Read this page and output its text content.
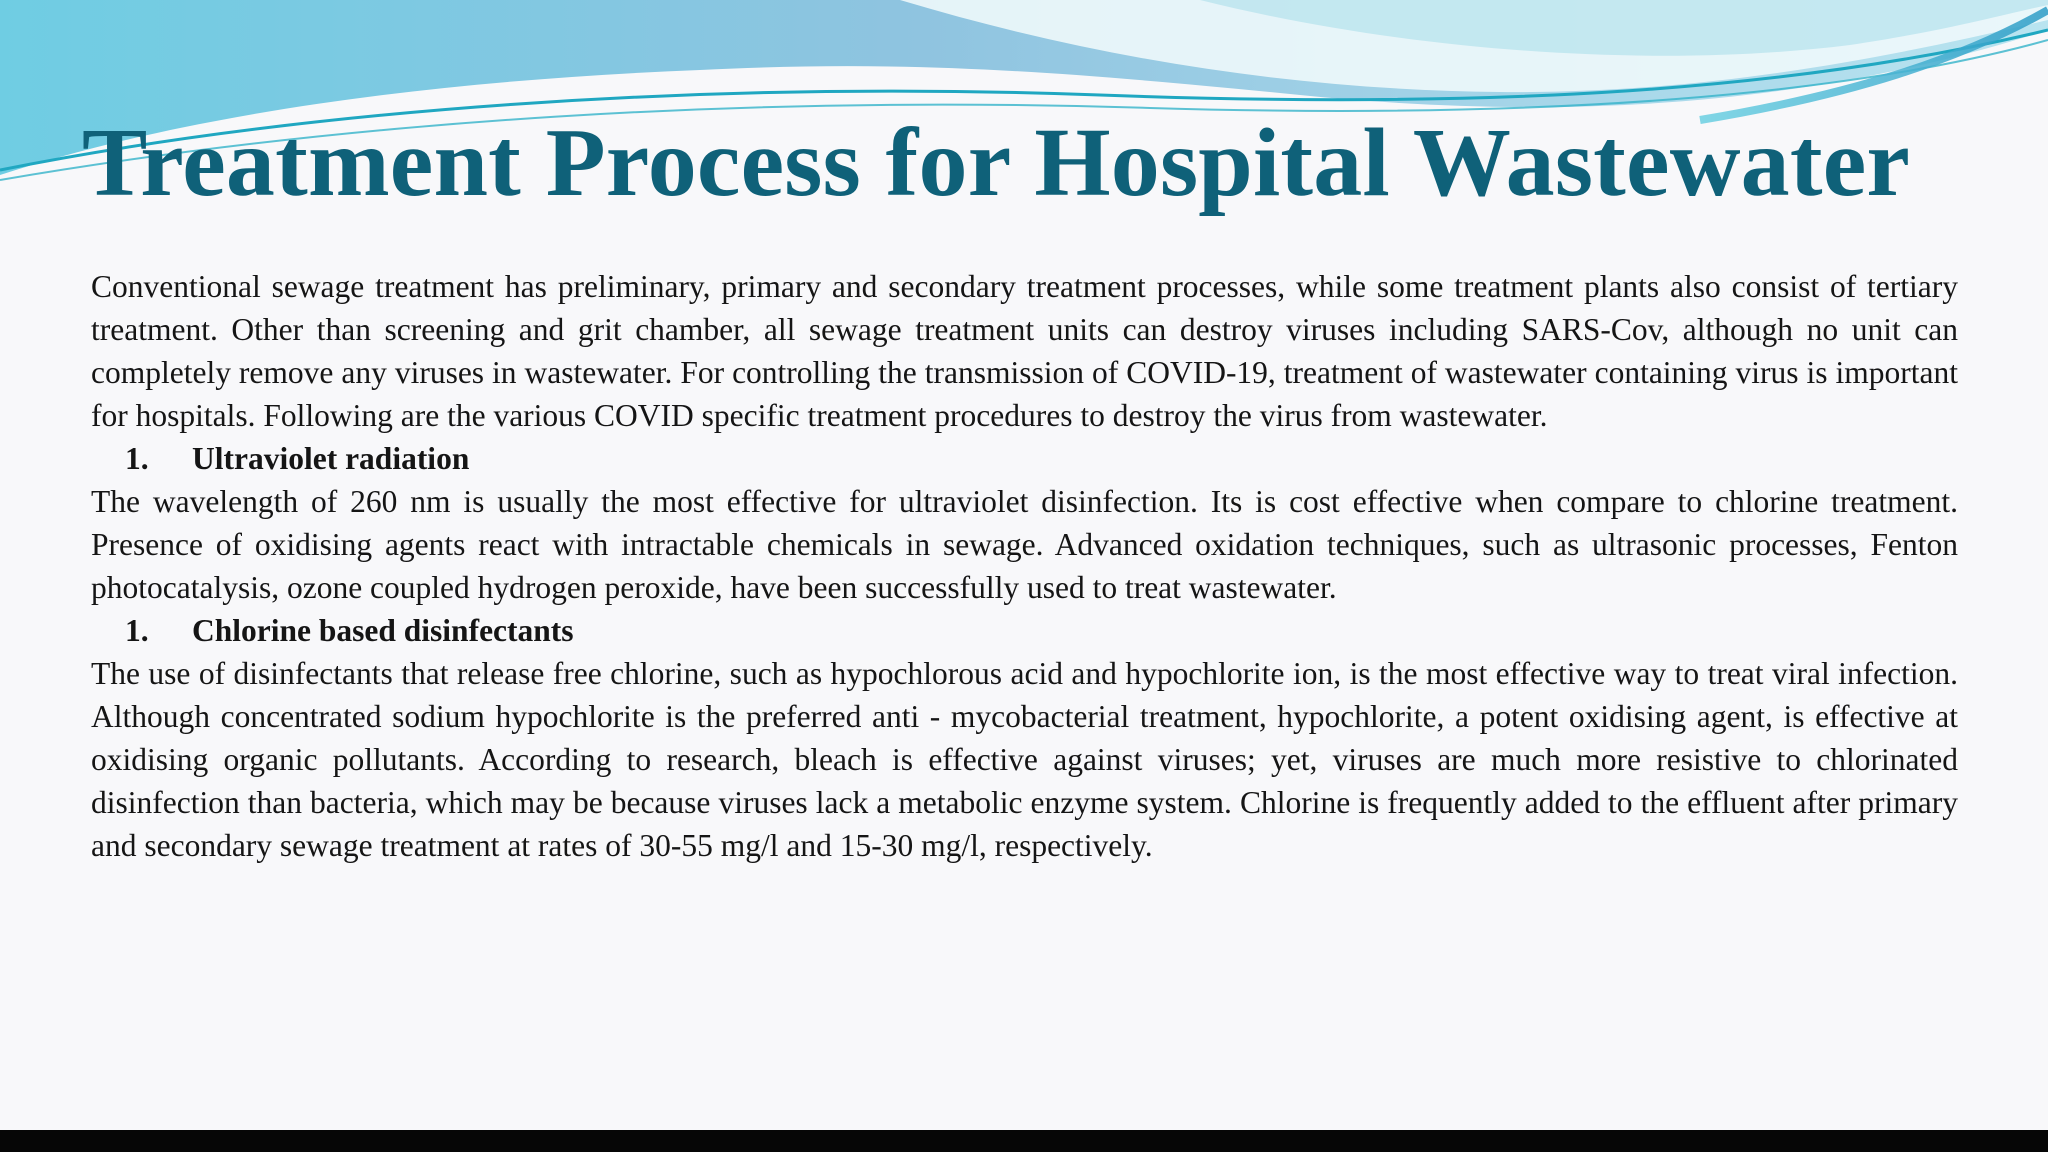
Treatment Process for Hospital Wastewater

Conventional sewage treatment has preliminary, primary and secondary treatment processes, while some treatment plants also consist of tertiary treatment. Other than screening and grit chamber, all sewage treatment units can destroy viruses including SARS-Cov, although no unit can completely remove any viruses in wastewater. For controlling the transmission of COVID-19, treatment of wastewater containing virus is important for hospitals. Following are the various COVID specific treatment procedures to destroy the virus from wastewater.

1.	Ultraviolet radiation

The wavelength of 260 nm is usually the most effective for ultraviolet disinfection. Its is cost effective when compare to chlorine treatment. Presence of oxidising agents react with intractable chemicals in sewage. Advanced oxidation techniques, such as ultrasonic processes, Fenton photocatalysis, ozone coupled hydrogen peroxide, have been successfully used to treat wastewater.

1.	Chlorine based disinfectants

The use of disinfectants that release free chlorine, such as hypochlorous acid and hypochlorite ion, is the most effective way to treat viral infection. Although concentrated sodium hypochlorite is the preferred anti - mycobacterial treatment, hypochlorite, a potent oxidising agent, is effective at oxidising organic pollutants. According to research, bleach is effective against viruses; yet, viruses are much more resistive to chlorinated disinfection than bacteria, which may be because viruses lack a metabolic enzyme system. Chlorine is frequently added to the effluent after primary and secondary sewage treatment at rates of 30-55 mg/l and 15-30 mg/l, respectively.
